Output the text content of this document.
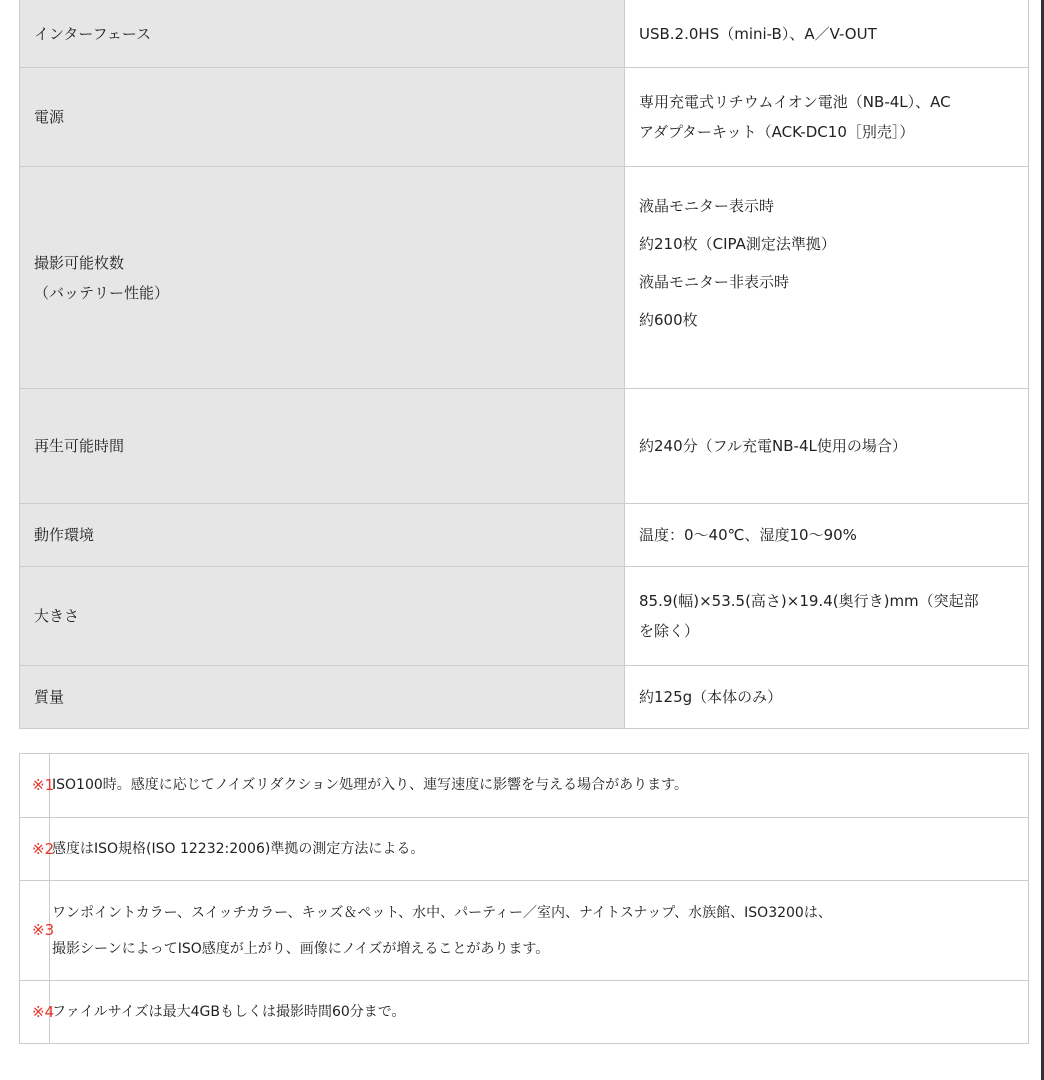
インターフェース	USB.2.0HS（mini-B）、A／V-OUT

電源	専用充電式リチウムイオン電池（NB-4L）、AC
アダプターキット（ACK-DC10［別売］）

撮影可能枚数
（バッテリー性能）	液晶モニター表示時
約210枚（CIPA測定法準拠）
液晶モニター非表示時
約600枚

再生可能時間	約240分（フル充電NB-4L使用の場合）

動作環境	温度：0〜40℃、湿度10〜90%

大きさ	85.9(幅)×53.5(高さ)×19.4(奥行き)mm（突起部
を除く）

質量	約125g（本体のみ）
※1	ISO100時。感度に応じてノイズリダクション処理が入り、連写速度に影響を与える場合があります。

※2	感度はISO規格(ISO 12232:2006)準拠の測定方法による。

※3	ワンポイントカラー、スイッチカラー、キッズ＆ペット、水中、パーティー／室内、ナイトスナップ、水族館、ISO3200は、
撮影シーンによってISO感度が上がり、画像にノイズが増えることがあります。

※4	ファイルサイズは最大4GBもしくは撮影時間60分まで。
